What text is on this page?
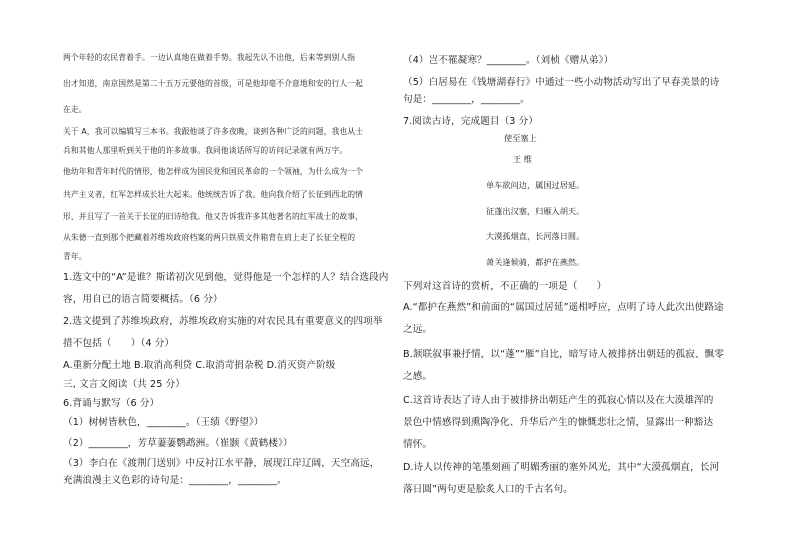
两个年轻的农民背着手。一边认真地在做着手势。我起先认不出他，后来等到别人指
出才知道，南京国然是第二十五万元要他的首级，可是他却毫不介意地和安的行人一起
在走。
关于 A，我可以编辑写三本书。我跟他谈了许多夜晚，谈到各种广泛的问题，我也从士
兵和其他人那里听到关于他的许多故事。我同他谈话所写的访问记录就有两万字。
他幼年和青年时代的情形，他怎样成为国民党和国民革命的一个领袖，为什么成为一个
共产主义者，红军怎样成长壮大起来。他统统告诉了我。他向我介绍了长征到西北的情
形，并且写了一首关于长征的旧诗给我。他又告诉我许多其他著名的红军战士的故事，
从朱德一直到那个把藏着苏维埃政府档案的两只铁质文件箱背在肩上走了长征全程的
青年。
1.选文中的“A”是谁？斯诺初次见到他，觉得他是一个怎样的人？结合选段内
容，用自已的语言简要概括。（6 分）
2.选文提到了苏维埃政府，苏维埃政府实施的对农民具有重要意义的四项举
措不包括（　　）（4 分）
A.重新分配土地 B.取消高利贷 C.取消苛捐杂税 D.消灭资产阶级
三, 文言文阅读（共 25 分）
6.背诵与默写（6 分）
（1）树树皆秋色，________。（王绩《野望》）
（2）________，芳草萋萋鹦鹉洲。（崔颢《黄鹤楼》）
（3）李白在《渡荆门送别》中反衬江水平静，展现江岸辽阔，天空高远，
充满浪漫主义色彩的诗句是：________，________。
（4）岂不罹凝寒？________。（刘桢《赠从弟》）
（5）白居易在《钱塘湖春行》中通过一些小动物活动写出了早春美景的诗
句是：________，________。
7.阅读古诗，完成题目（3 分）
使至塞上
王 维
单车欲问边，属国过居延。
征蓬出汉塞，归雁入胡天。
大漠孤烟直，长河落日圆。
萧关逢候骑，都护在燕然。
下列对这首诗的赏析，不正确的一项是（　　）
A.“都护在燕然”和前面的“属国过居延”遥相呼应，点明了诗人此次出使路途
之远。
B.颔联叙事兼抒情，以“蓬”“雁”自比，暗写诗人被排挤出朝廷的孤寂、飘零
之感。
C.这首诗表达了诗人由于被排挤出朝廷产生的孤寂心情以及在大漠雄浑的
景色中情感得到熏陶净化、升华后产生的慷慨悲壮之情，显露出一种豁达
情怀。
D.诗人以传神的笔墨刻画了明媚秀丽的塞外风光，其中“大漠孤烟直，长河
落日圆”两句更是脍炙人口的千古名句。
